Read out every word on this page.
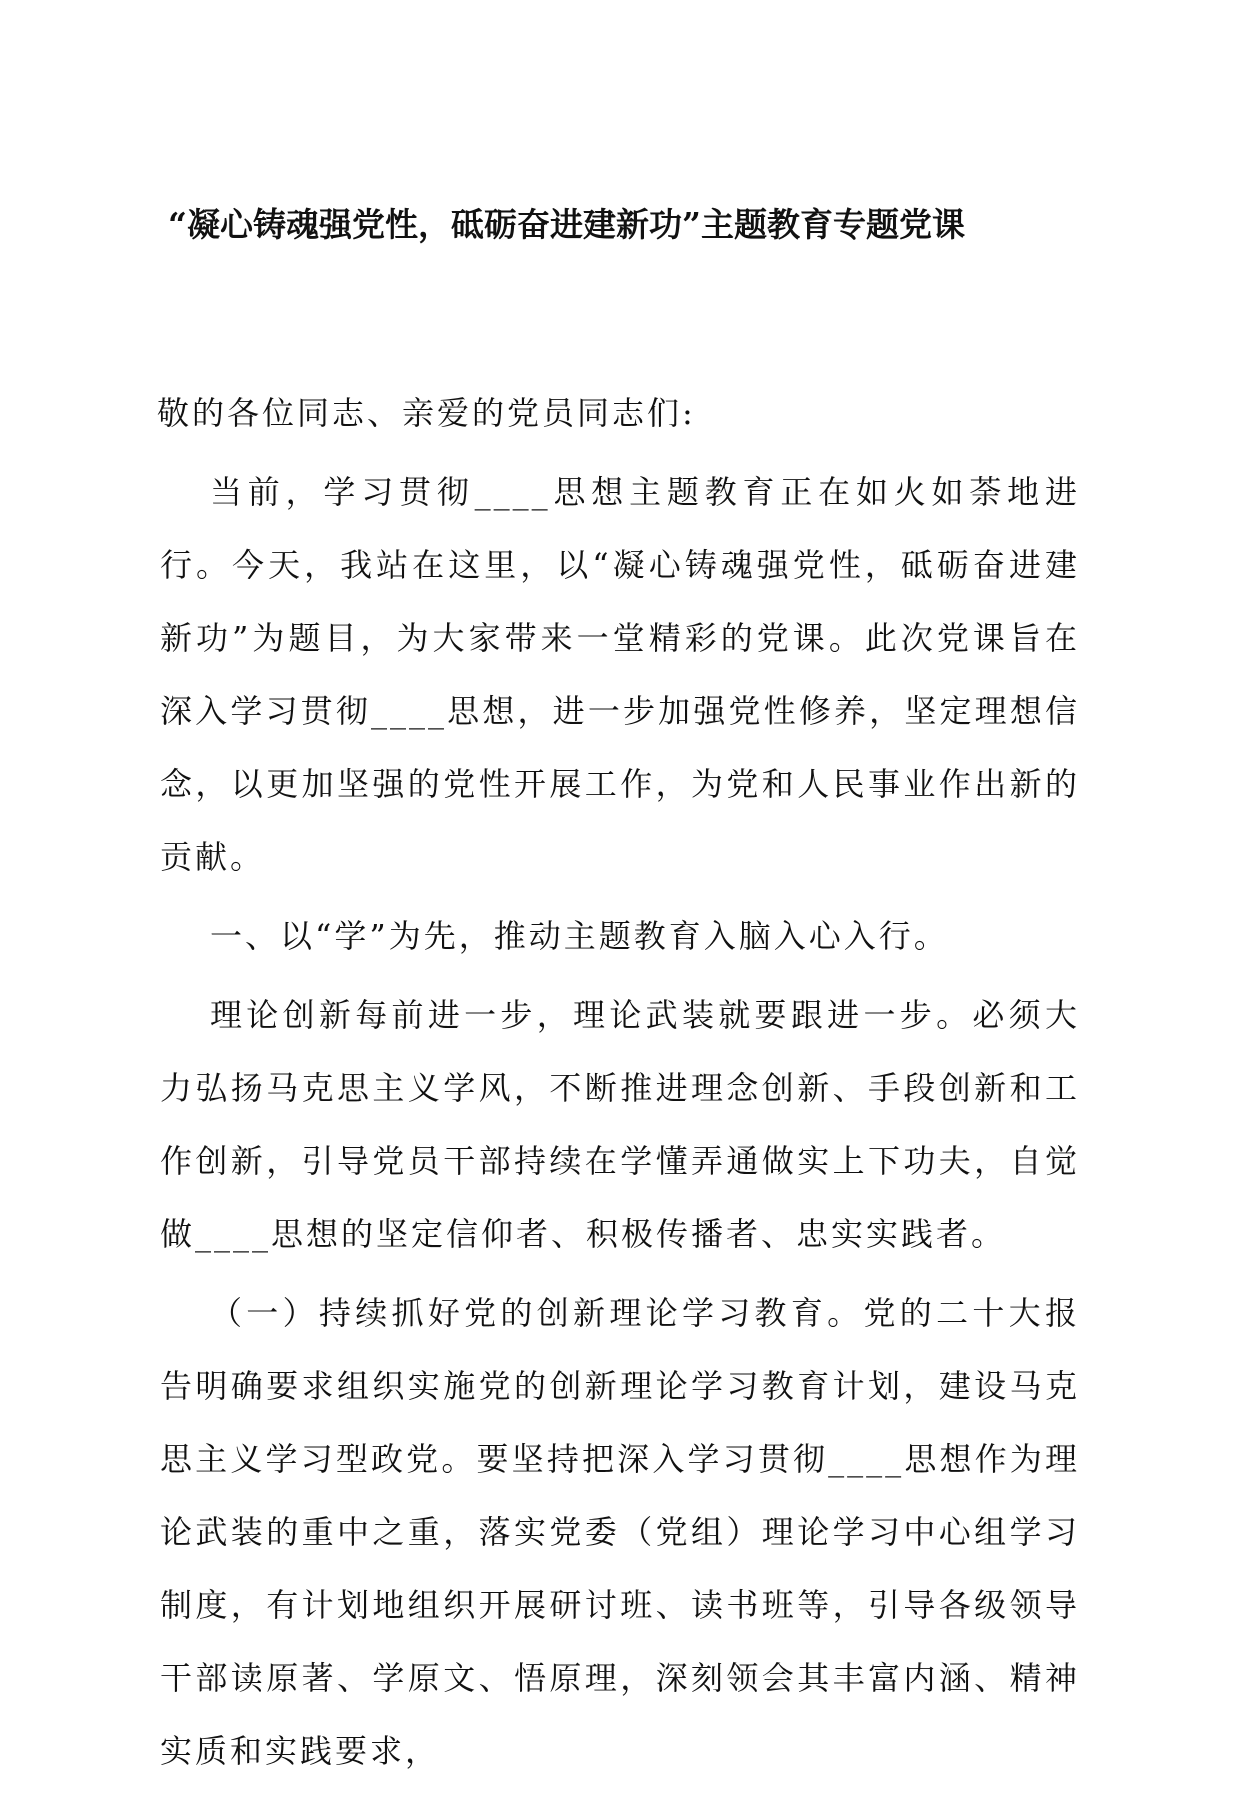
“凝心铸魂强党性，砥砺奋进建新功”主题教育专题党课

敬的各位同志、亲爱的党员同志们:

当前，学习贯彻____思想主题教育正在如火如荼地进行。今天，我站在这里，以“凝心铸魂强党性，砥砺奋进建新功”为题目，为大家带来一堂精彩的党课。此次党课旨在深入学习贯彻____思想，进一步加强党性修养，坚定理想信念，以更加坚强的党性开展工作，为党和人民事业作出新的贡献。

一、以“学”为先，推动主题教育入脑入心入行。

理论创新每前进一步，理论武装就要跟进一步。必须大力弘扬马克思主义学风，不断推进理念创新、手段创新和工作创新，引导党员干部持续在学懂弄通做实上下功夫，自觉做____思想的坚定信仰者、积极传播者、忠实实践者。

（一）持续抓好党的创新理论学习教育。党的二十大报告明确要求组织实施党的创新理论学习教育计划，建设马克思主义学习型政党。要坚持把深入学习贯彻____思想作为理论武装的重中之重，落实党委（党组）理论学习中心组学习制度，有计划地组织开展研讨班、读书班等，引导各级领导干部读原著、学原文、悟原理，深刻领会其丰富内涵、精神实质和实践要求，
